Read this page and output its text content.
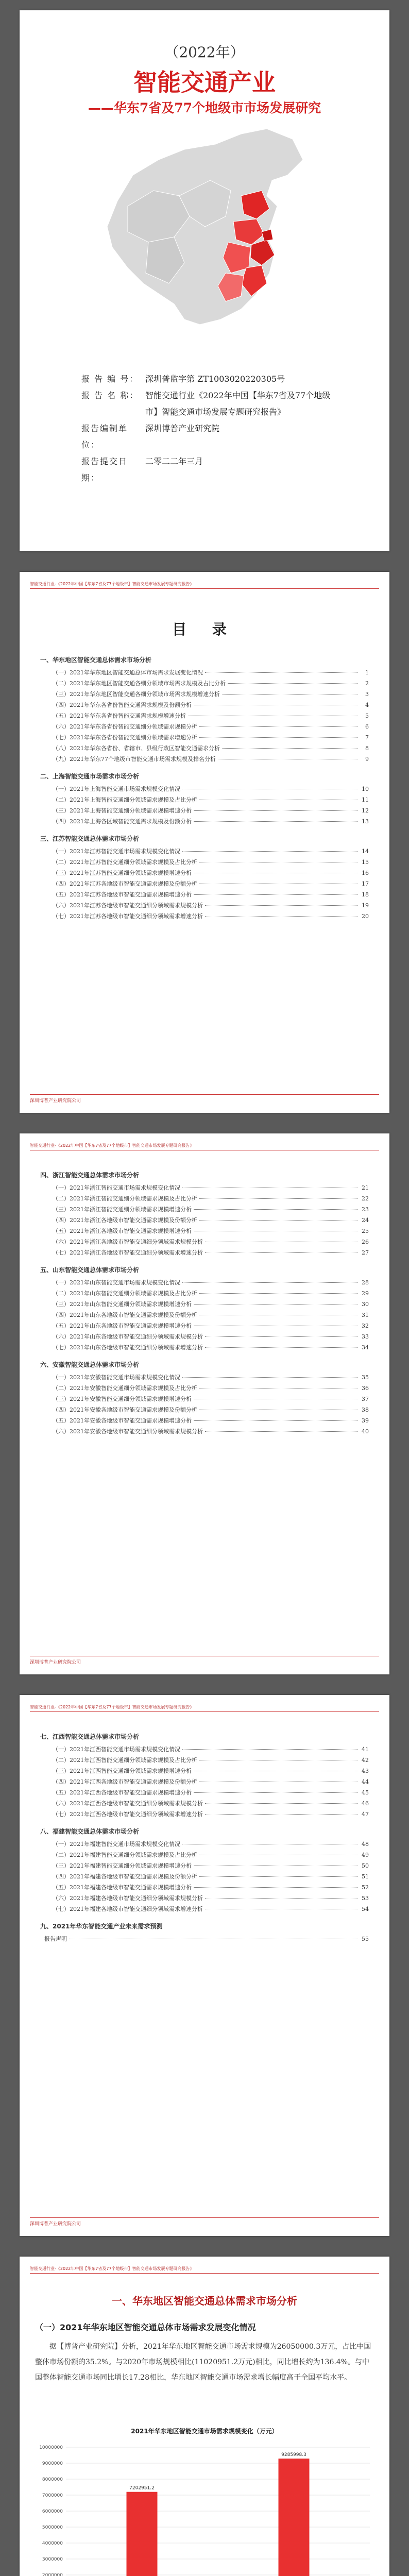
（2022年）
智能交通产业
——华东7省及77个地级市市场发展研究
报 告 编 号： 深圳普监字第 ZT1003020220305号
报 告 名 称： 智能交通行业《2022年中国【华东7省及77个地级市】智能交通市场发展专题研究报告》
报告编制单位：
深圳博普产业研究院
报告提交日期：
二零二二年三月
智能交通行业-《2022年中国【华东7省及77个地级市】智能交通市场发展专题研究报告》
目 录
一、华东地区智能交通总体需求市场分析
（一）2021年华东地区智能交通总体市场需求发展变化情况	1
（二）2021年华东地区智能交通各细分领域市场需求规模及占比分析	2
（三）2021年华东地区智能交通各细分领域市场需求规模增速分析	3
（四）2021年华东各省份智能交通需求规模及份额分析	4
（五）2021年华东各省份智能交通需求规模增速分析	5
（六）2021年华东各省份智能交通细分领域需求规模分析	6
（七）2021年华东各省份智能交通细分领域需求增速分析	7
（八）2021年华东各省份、省辖市、县级行政区智能交通需求分析	8
（九）2021年华东77个地级市智能交通市场需求规模及排名分析	9
二、上海智能交通市场需求市场分析
（一）2021年上海智能交通市场需求规模变化情况	10
（二）2021年上海智能交通细分领域需求规模及占比分析	11
（三）2021年上海智能交通细分领域需求规模增速分析	12
（四）2021年上海各区域智能交通需求规模及份额分析	13
三、江苏智能交通总体需求市场分析
（一）2021年江苏智能交通市场需求规模变化情况	14
（二）2021年江苏智能交通细分领域需求规模及占比分析	15
（三）2021年江苏智能交通细分领域需求规模增速分析	16
（四）2021年江苏各地级市智能交通需求规模及份额分析	17
（五）2021年江苏各地级市智能交通需求规模增速分析	18
（六）2021年江苏各地级市智能交通细分领域需求规模分析	19
（七）2021年江苏各地级市智能交通细分领域需求增速分析	20
深圳博普产业研究院公司
智能交通行业-《2022年中国【华东7省及77个地级市】智能交通市场发展专题研究报告》
四、浙江智能交通总体需求市场分析
（一）2021年浙江智能交通市场需求规模变化情况	21
（二）2021年浙江智能交通细分领域需求规模及占比分析	22
（三）2021年浙江智能交通细分领域需求规模增速分析	23
（四）2021年浙江各地级市智能交通需求规模及份额分析	24
（五）2021年浙江各地级市智能交通需求规模增速分析	25
（六）2021年浙江各地级市智能交通细分领域需求规模分析	26
（七）2021年浙江各地级市智能交通细分领域需求增速分析	27
五、山东智能交通总体需求市场分析
（一）2021年山东智能交通市场需求规模变化情况	28
（二）2021年山东智能交通细分领域需求规模及占比分析	29
（三）2021年山东智能交通细分领域需求规模增速分析	30
（四）2021年山东各地级市智能交通需求规模及份额分析	31
（五）2021年山东各地级市智能交通需求规模增速分析	32
（六）2021年山东各地级市智能交通细分领域需求规模分析	33
（七）2021年山东各地级市智能交通细分领域需求增速分析	34
六、安徽智能交通总体需求市场分析
（一）2021年安徽智能交通市场需求规模变化情况	35
（二）2021年安徽智能交通细分领域需求规模及占比分析	36
（三）2021年安徽智能交通细分领域需求规模增速分析	37
（四）2021年安徽各地级市智能交通需求规模及份额分析	38
（五）2021年安徽各地级市智能交通需求规模增速分析	39
（六）2021年安徽各地级市智能交通细分领域需求规模分析	40
深圳博普产业研究院公司
智能交通行业-《2022年中国【华东7省及77个地级市】智能交通市场发展专题研究报告》
七、江西智能交通总体需求市场分析
（一）2021年江西智能交通市场需求规模变化情况	41
（二）2021年江西智能交通细分领域需求规模及占比分析	42
（三）2021年江西智能交通细分领域需求规模增速分析	43
（四）2021年江西各地级市智能交通需求规模及份额分析	44
（五）2021年江西各地级市智能交通需求规模增速分析	45
（六）2021年江西各地级市智能交通细分领域需求规模分析	46
（七）2021年江西各地级市智能交通细分领域需求增速分析	47
八、福建智能交通总体需求市场分析
（一）2021年福建智能交通市场需求规模变化情况	48
（二）2021年福建智能交通细分领域需求规模及占比分析	49
（三）2021年福建智能交通细分领域需求规模增速分析	50
（四）2021年福建各地级市智能交通需求规模及份额分析	51
（五）2021年福建各地级市智能交通需求规模增速分析	52
（六）2021年福建各地级市智能交通细分领域需求规模分析	53
（七）2021年福建各地级市智能交通细分领域需求增速分析	54
九、2021年华东智能交通产业未来需求预测
报告声明	55
深圳博普产业研究院公司
智能交通行业-《2022年中国【华东7省及77个地级市】智能交通市场发展专题研究报告》
一、华东地区智能交通总体需求市场分析
（一）2021年华东地区智能交通总体市场需求发展变化情况
据【博普产业研究院】分析，2021年华东地区智能交通市场需求规模为26050000.3万元，占比中国整体市场份额的35.2%。与2020年市场规模相比(11020951.2万元)相比，同比增长约为136.4%。与中国整体智能交通市场同比增长17.28相比，华东地区智能交通市场需求增长幅度高于全国平均水平。
2021年华东地区智能交通市场需求规模变化（万元）
2000000
3000000
4000000
5000000
6000000
7000000
8000000
9000000
10000000
7202951.2
9285998.3
